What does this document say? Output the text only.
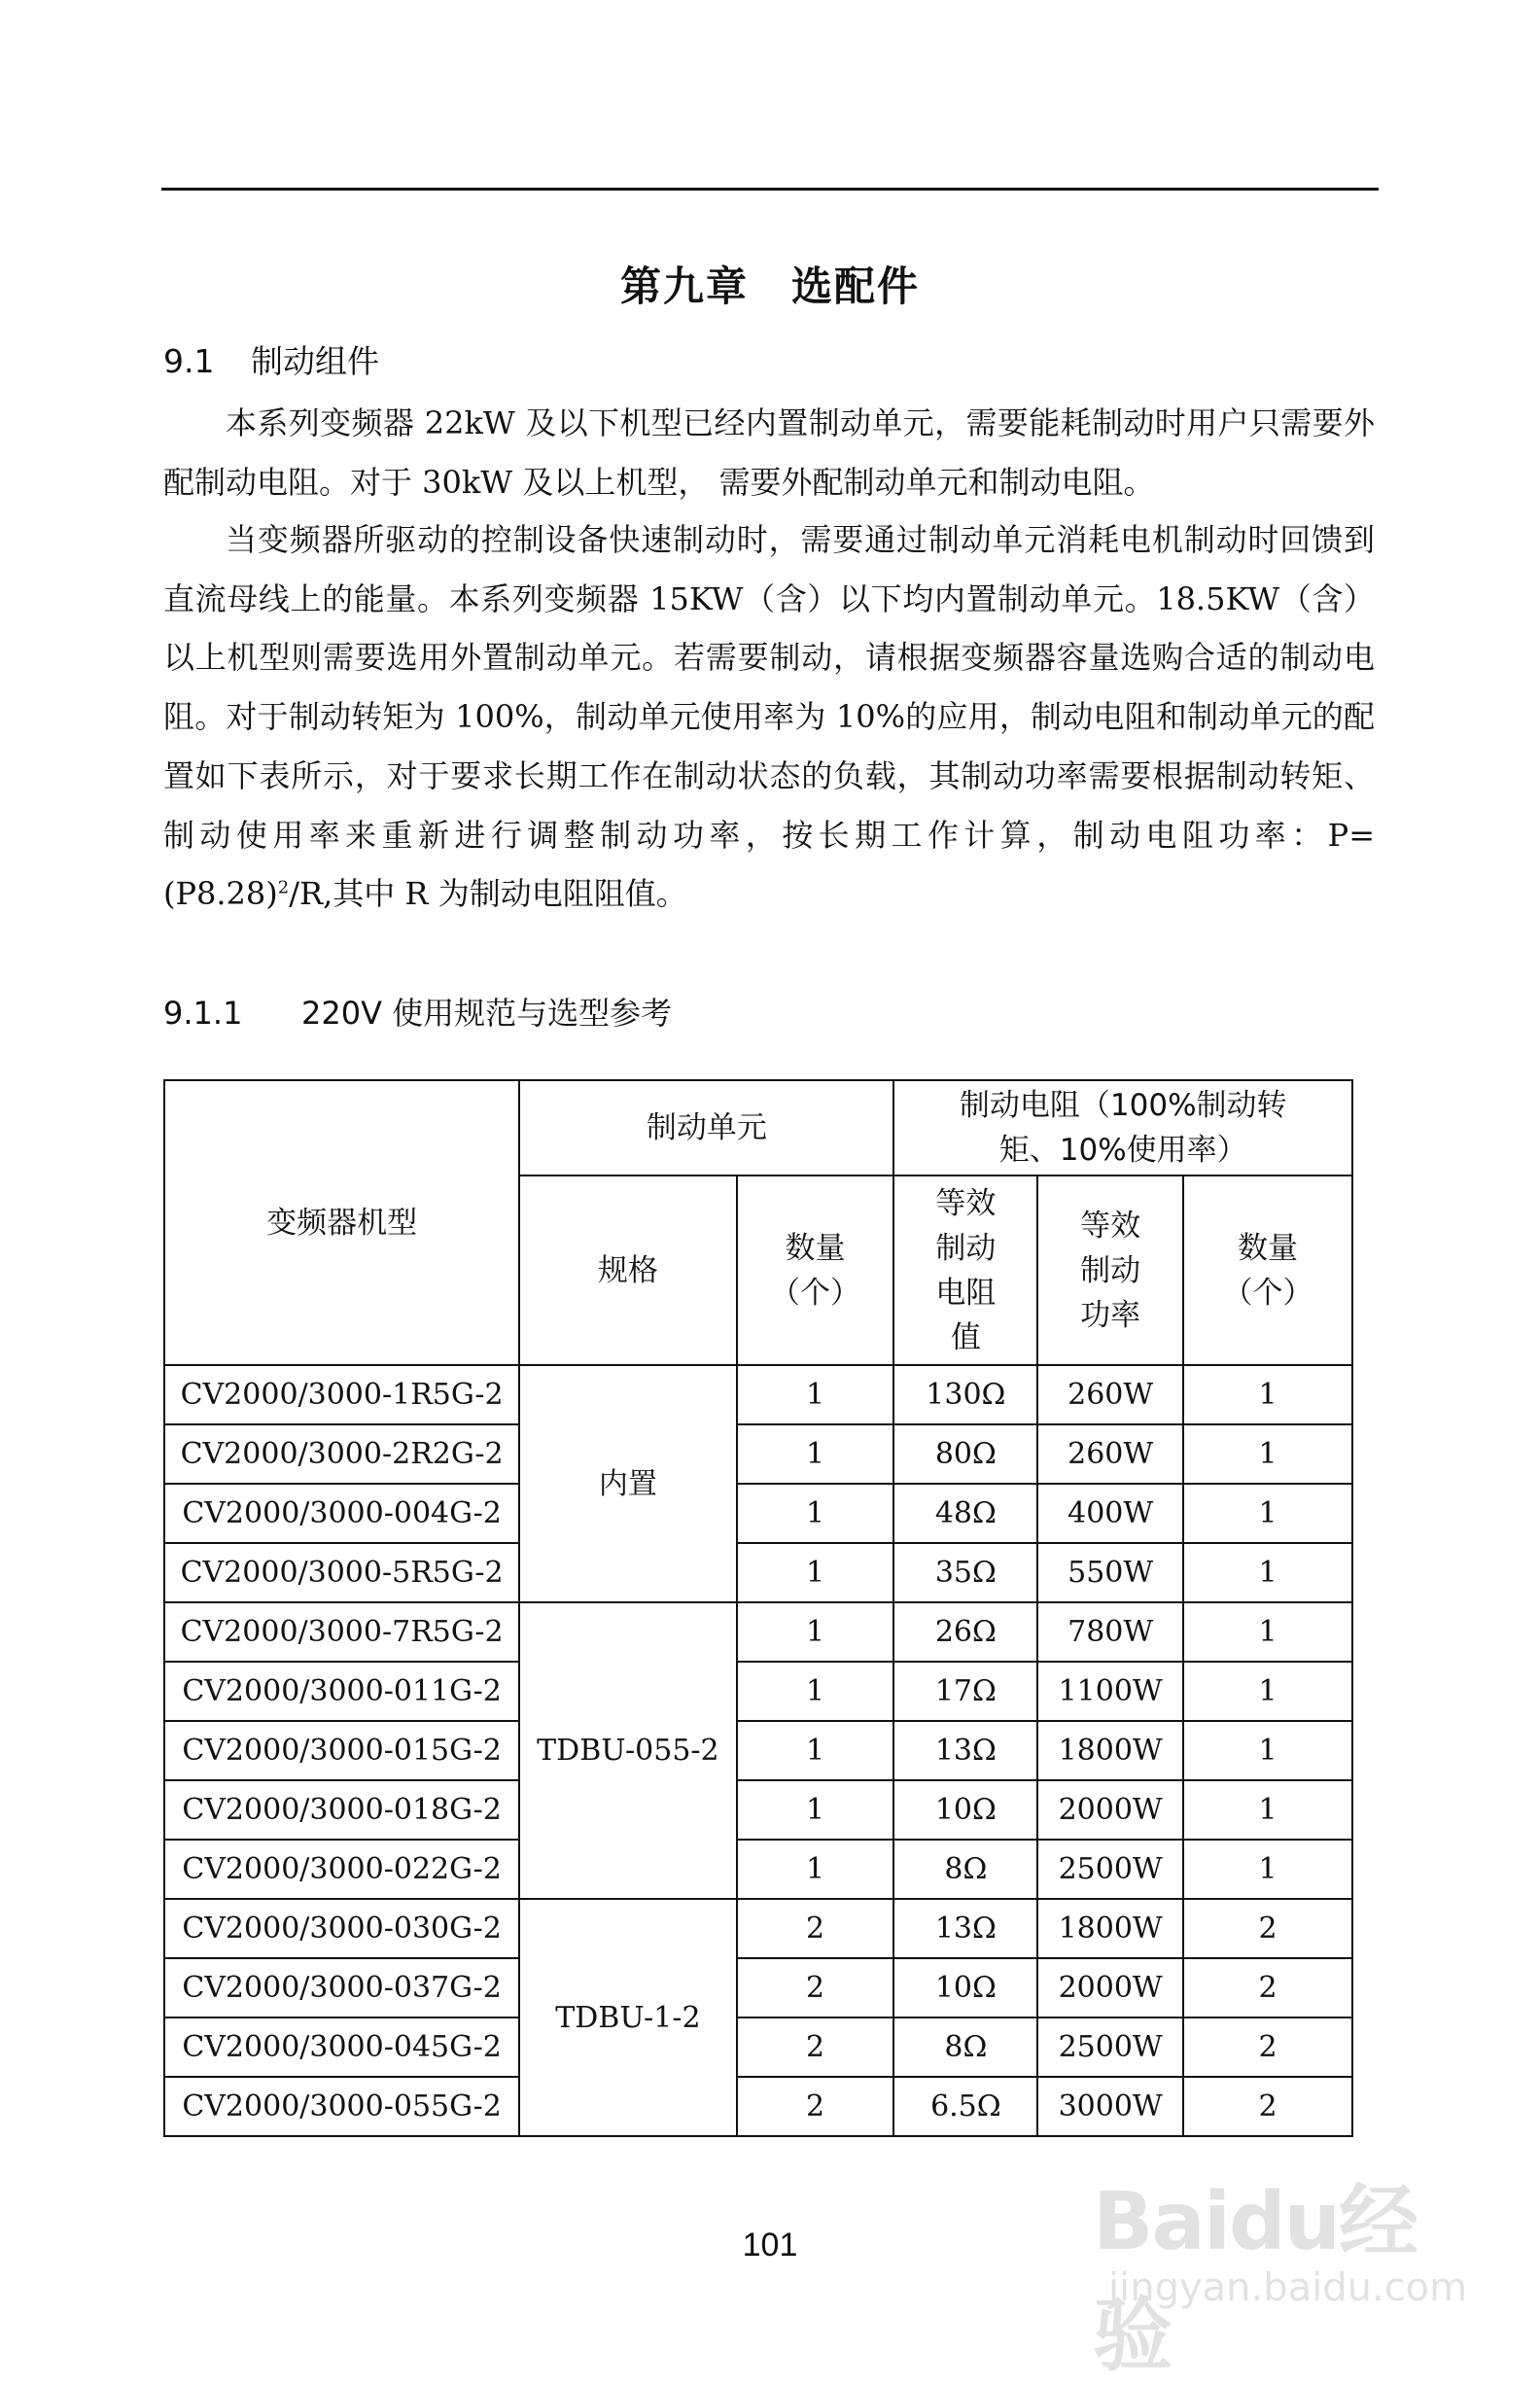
第九章　选配件
9.1 制动组件

本系列变频器 22kW 及以下机型已经内置制动单元，需要能耗制动时用户只需要外配制动电阻。对于 30kW 及以上机型， 需要外配制动单元和制动电阻。

当变频器所驱动的控制设备快速制动时，需要通过制动单元消耗电机制动时回馈到直流母线上的能量。本系列变频器 15KW（含）以下均内置制动单元。18.5KW（含）以上机型则需要选用外置制动单元。若需要制动，请根据变频器容量选购合适的制动电阻。对于制动转矩为 100%，制动单元使用率为 10%的应用，制动电阻和制动单元的配置如下表所示，对于要求长期工作在制动状态的负载，其制动功率需要根据制动转矩、制动使用率来重新进行调整制动功率，按长期工作计算，制动电阻功率：$P=(P8.28)^2/R$,其中 R 为制动电阻阻值。

9.1.1 220V 使用规范与选型参考
变频器机型	制动单元		制动电阻（100%制动转矩、10%使用率）		
	规格	数量（个）	等效制动电阻值	等效制动功率	数量（个）
CV2000/3000-1R5G-2	内置	1	130Ω	260W	1
CV2000/3000-2R2G-2		1	80Ω	260W	1
CV2000/3000-004G-2		1	48Ω	400W	1
CV2000/3000-5R5G-2		1	35Ω	550W	1
CV2000/3000-7R5G-2	TDBU-055-2	1	26Ω	780W	1
CV2000/3000-011G-2		1	17Ω	1100W	1
CV2000/3000-015G-2		1	13Ω	1800W	1
CV2000/3000-018G-2		1	10Ω	2000W	1
CV2000/3000-022G-2		1	8Ω	2500W	1
CV2000/3000-030G-2	TDBU-1-2	2	13Ω	1800W	2
CV2000/3000-037G-2		2	10Ω	2000W	2
CV2000/3000-045G-2		2	8Ω	2500W	2
CV2000/3000-055G-2		2	6.5Ω	3000W	2
101	Baidu经验
jingyan.baidu.com
